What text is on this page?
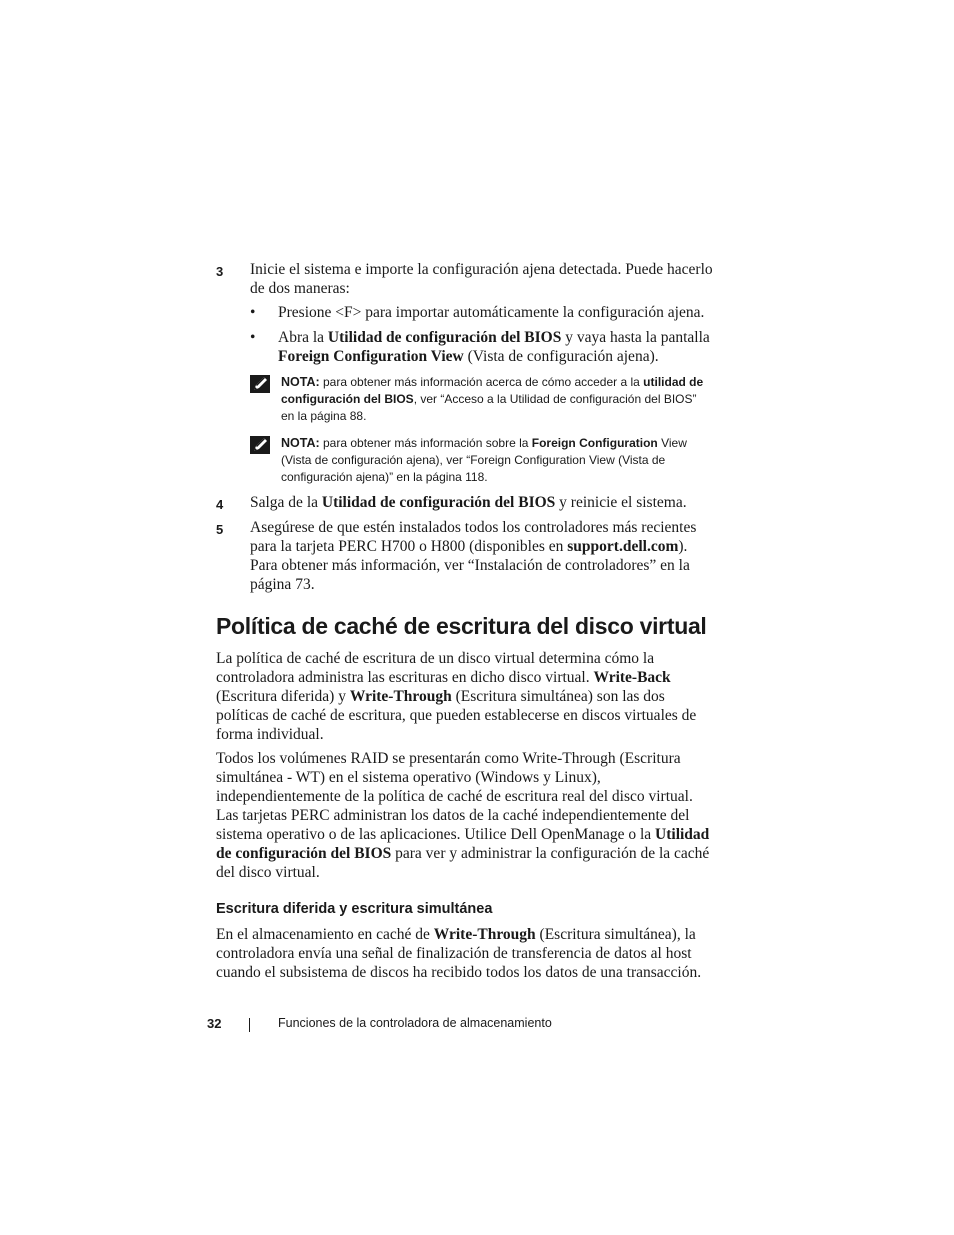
3 Inicie el sistema e importe la configuración ajena detectada. Puede hacerlo de dos maneras:
• Presione <F> para importar automáticamente la configuración ajena.
• Abra la Utilidad de configuración del BIOS y vaya hasta la pantalla Foreign Configuration View (Vista de configuración ajena).
NOTA: para obtener más información acerca de cómo acceder a la utilidad de configuración del BIOS, ver “Acceso a la Utilidad de configuración del BIOS” en la página 88.
NOTA: para obtener más información sobre la Foreign Configuration View (Vista de configuración ajena), ver “Foreign Configuration View (Vista de configuración ajena)” en la página 118.
4 Salga de la Utilidad de configuración del BIOS y reinicie el sistema.
5 Asegúrese de que estén instalados todos los controladores más recientes para la tarjeta PERC H700 o H800 (disponibles en support.dell.com). Para obtener más información, ver “Instalación de controladores” en la página 73.
Política de caché de escritura del disco virtual

La política de caché de escritura de un disco virtual determina cómo la controladora administra las escrituras en dicho disco virtual. Write-Back (Escritura diferida) y Write-Through (Escritura simultánea) son las dos políticas de caché de escritura, que pueden establecerse en discos virtuales de forma individual.

Todos los volúmenes RAID se presentarán como Write-Through (Escritura simultánea - WT) en el sistema operativo (Windows y Linux), independientemente de la política de caché de escritura real del disco virtual. Las tarjetas PERC administran los datos de la caché independientemente del sistema operativo o de las aplicaciones. Utilice Dell OpenManage o la Utilidad de configuración del BIOS para ver y administrar la configuración de la caché del disco virtual.

Escritura diferida y escritura simultánea

En el almacenamiento en caché de Write-Through (Escritura simultánea), la controladora envía una señal de finalización de transferencia de datos al host cuando el subsistema de discos ha recibido todos los datos de una transacción.

32	Funciones de la controladora de almacenamiento
